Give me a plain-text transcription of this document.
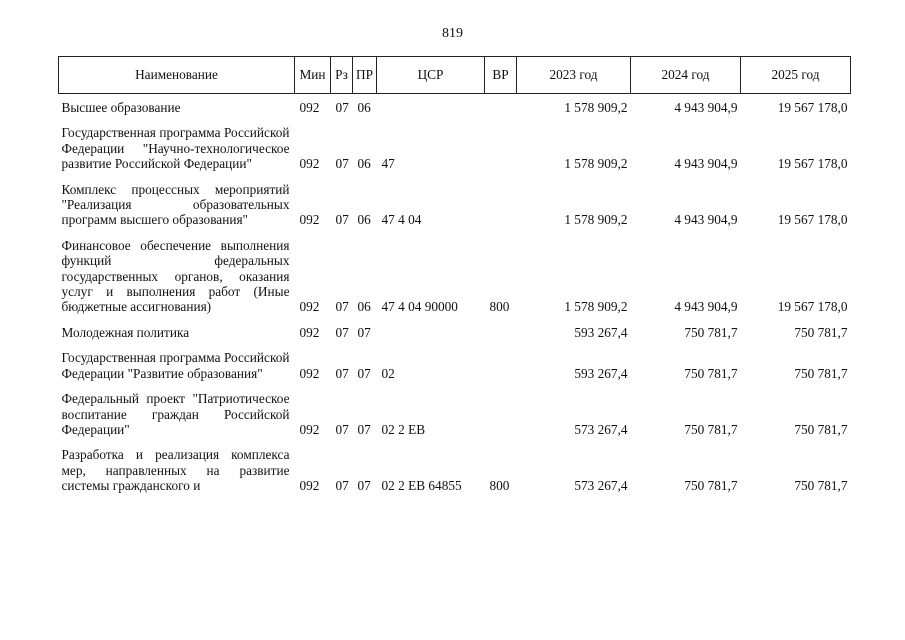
819
Наименование	Мин	Рз	ПР	ЦСР	ВР	2023 год	2024 год	2025 год

Высшее образование	092	07	06			1 578 909,2	4 943 904,9	19 567 178,0

Государственная программа Российской Федерации "Научно-технологическое развитие Российской Федерации"	092	07	06	47		1 578 909,2	4 943 904,9	19 567 178,0

Комплекс процессных мероприятий "Реализация образовательных программ высшего образования"	092	07	06	47 4 04		1 578 909,2	4 943 904,9	19 567 178,0

Финансовое обеспечение выполнения функций федеральных государственных органов, оказания услуг и выполнения работ (Иные бюджетные ассигнования)	092	07	06	47 4 04 90000	800	1 578 909,2	4 943 904,9	19 567 178,0

Молодежная политика	092	07	07			593 267,4	750 781,7	750 781,7

Государственная программа Российской Федерации "Развитие образования"	092	07	07	02		593 267,4	750 781,7	750 781,7

Федеральный проект "Патриотическое воспитание граждан Российской Федерации"	092	07	07	02 2 EB		573 267,4	750 781,7	750 781,7

Разработка и реализация комплекса мер, направленных на развитие системы гражданского и	092	07	07	02 2 EB 64855	800	573 267,4	750 781,7	750 781,7
